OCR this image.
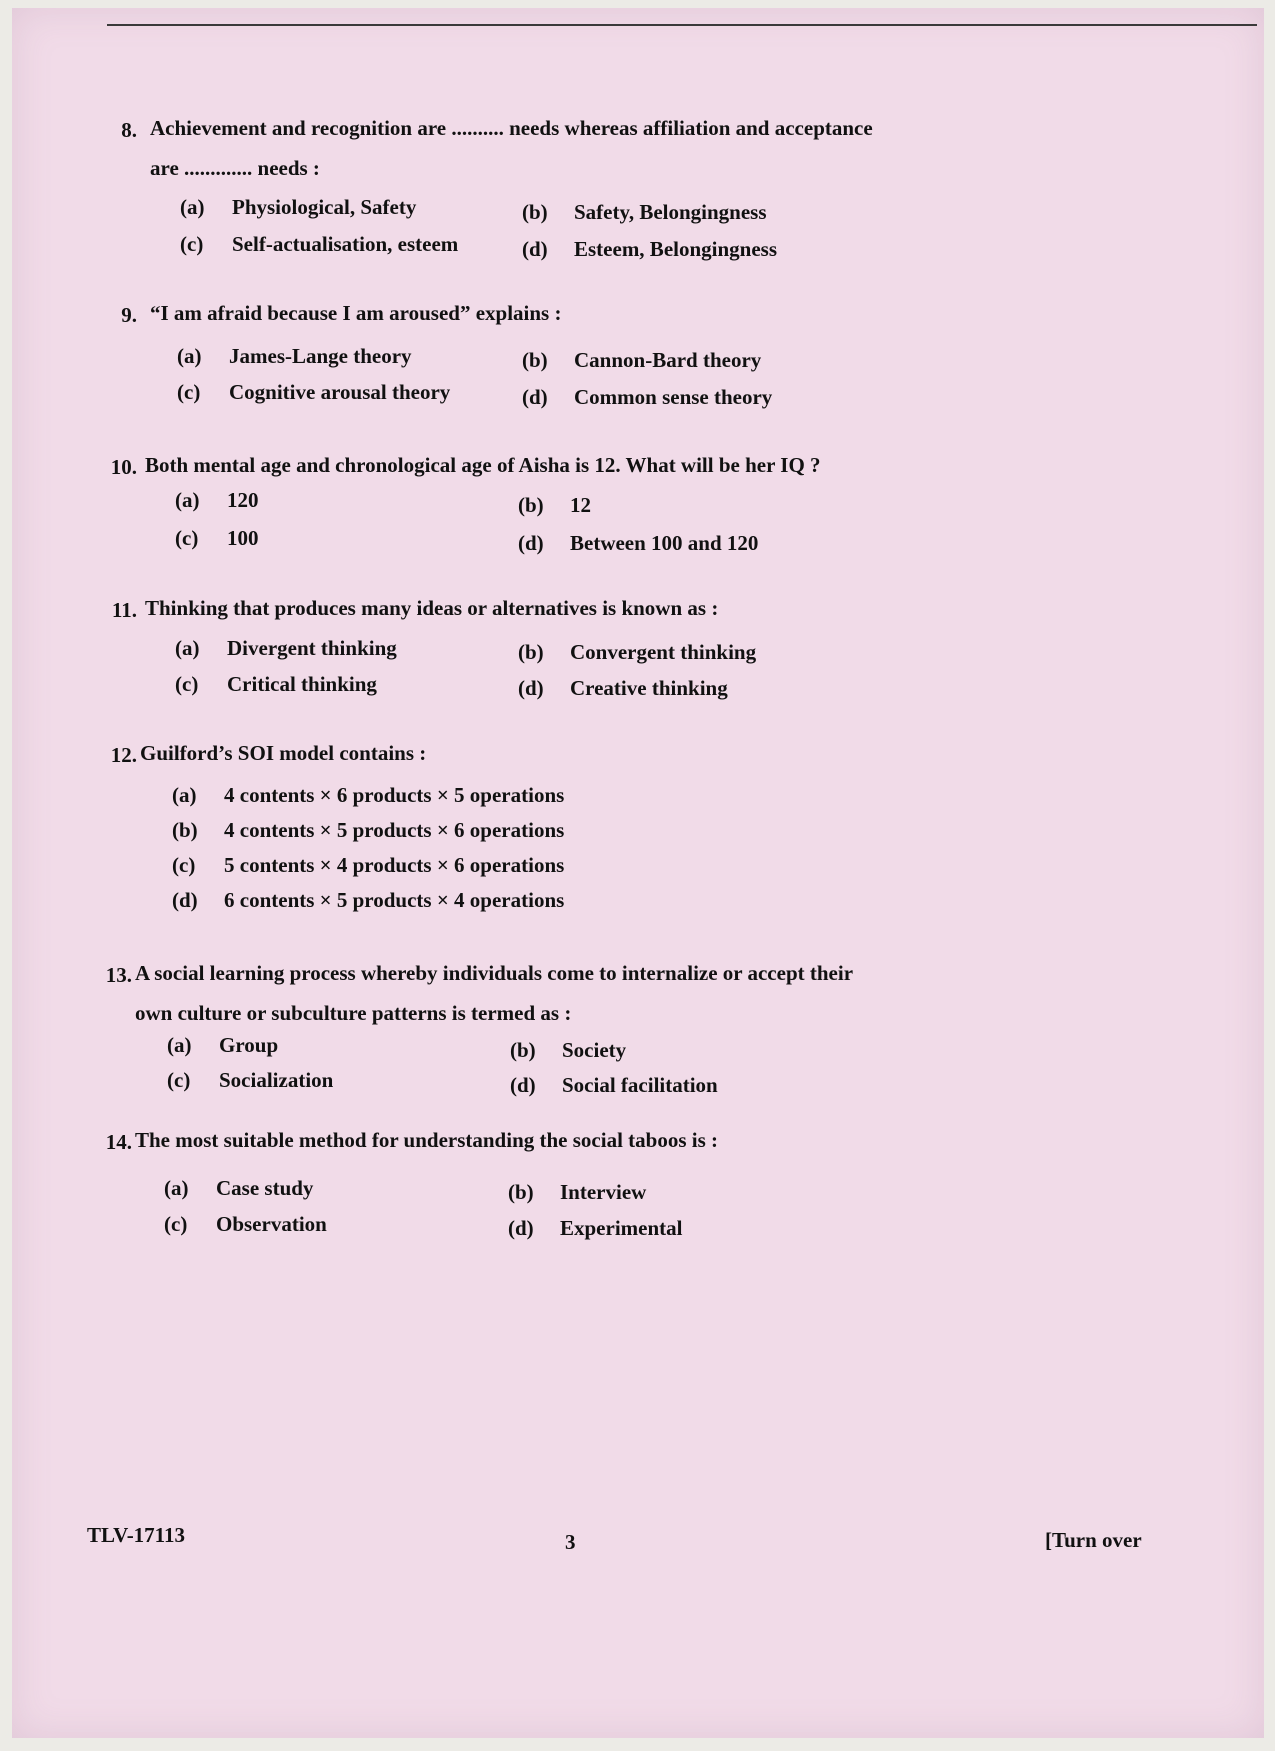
8. Achievement and recognition are .......... needs whereas affiliation and acceptance
are ............. needs :
(a) Physiological, Safety	(b) Safety, Belongingness
(c) Self-actualisation, esteem	(d) Esteem, Belongingness
9. “I am afraid because I am aroused” explains :
(a) James-Lange theory	(b) Cannon-Bard theory
(c) Cognitive arousal theory	(d) Common sense theory
10. Both mental age and chronological age of Aisha is 12. What will be her IQ ?
(a) 120	(b) 12
(c) 100	(d) Between 100 and 120
11. Thinking that produces many ideas or alternatives is known as :
(a) Divergent thinking	(b) Convergent thinking
(c) Critical thinking	(d) Creative thinking
12. Guilford’s SOI model contains :
(a) 4 contents × 6 products × 5 operations
(b) 4 contents × 5 products × 6 operations
(c) 5 contents × 4 products × 6 operations
(d) 6 contents × 5 products × 4 operations
13. A social learning process whereby individuals come to internalize or accept their
own culture or subculture patterns is termed as :
(a) Group	(b) Society
(c) Socialization	(d) Social facilitation
14. The most suitable method for understanding the social taboos is :
(a) Case study	(b) Interview
(c) Observation	(d) Experimental
TLV-17113	3	[Turn over
